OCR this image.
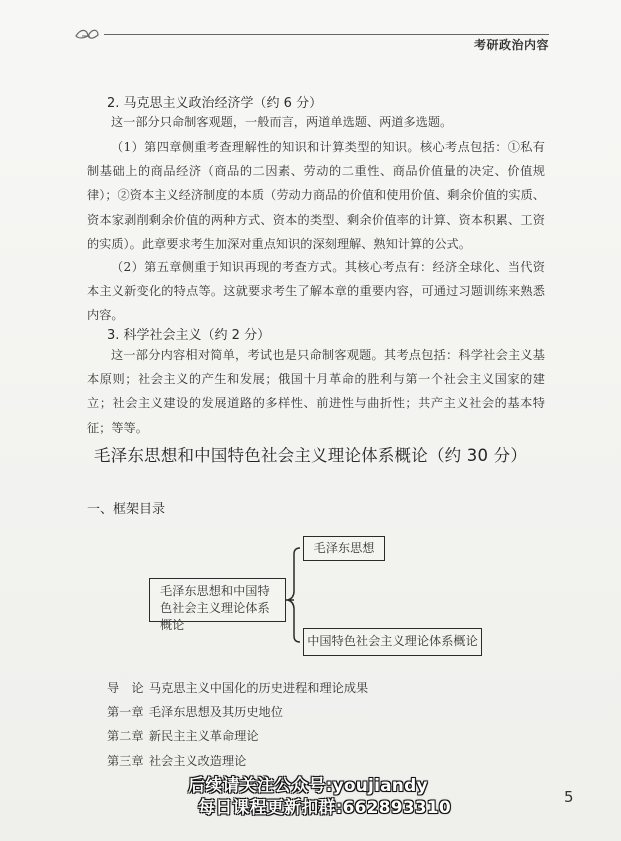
考研政治内容
2. 马克思主义政治经济学（约 6 分）
这一部分只命制客观题，一般而言，两道单选题、两道多选题。
（1）第四章侧重考查理解性的知识和计算类型的知识。核心考点包括：①私有制基础上的商品经济（商品的二因素、劳动的二重性、商品价值量的决定、价值规律）；②资本主义经济制度的本质（劳动力商品的价值和使用价值、剩余价值的实质、资本家剥削剩余价值的两种方式、资本的类型、剩余价值率的计算、资本积累、工资的实质）。此章要求考生加深对重点知识的深刻理解、熟知计算的公式。
（2）第五章侧重于知识再现的考查方式。其核心考点有：经济全球化、当代资本主义新变化的特点等。这就要求考生了解本章的重要内容，可通过习题训练来熟悉内容。
3. 科学社会主义（约 2 分）
这一部分内容相对简单，考试也是只命制客观题。其考点包括：科学社会主义基本原则；社会主义的产生和发展；俄国十月革命的胜利与第一个社会主义国家的建立；社会主义建设的发展道路的多样性、前进性与曲折性；共产主义社会的基本特征；等等。
毛泽东思想和中国特色社会主义理论体系概论（约 30 分）
一、框架目录
毛泽东思想
毛泽东思想和中国特色社会主义理论体系概论
中国特色社会主义理论体系概论
导　论 马克思主义中国化的历史进程和理论成果
第一章 毛泽东思想及其历史地位
第二章 新民主主义革命理论
第三章 社会主义改造理论
后续请关注公众号:youjiandy
每日课程更新扣群:662893310
5
